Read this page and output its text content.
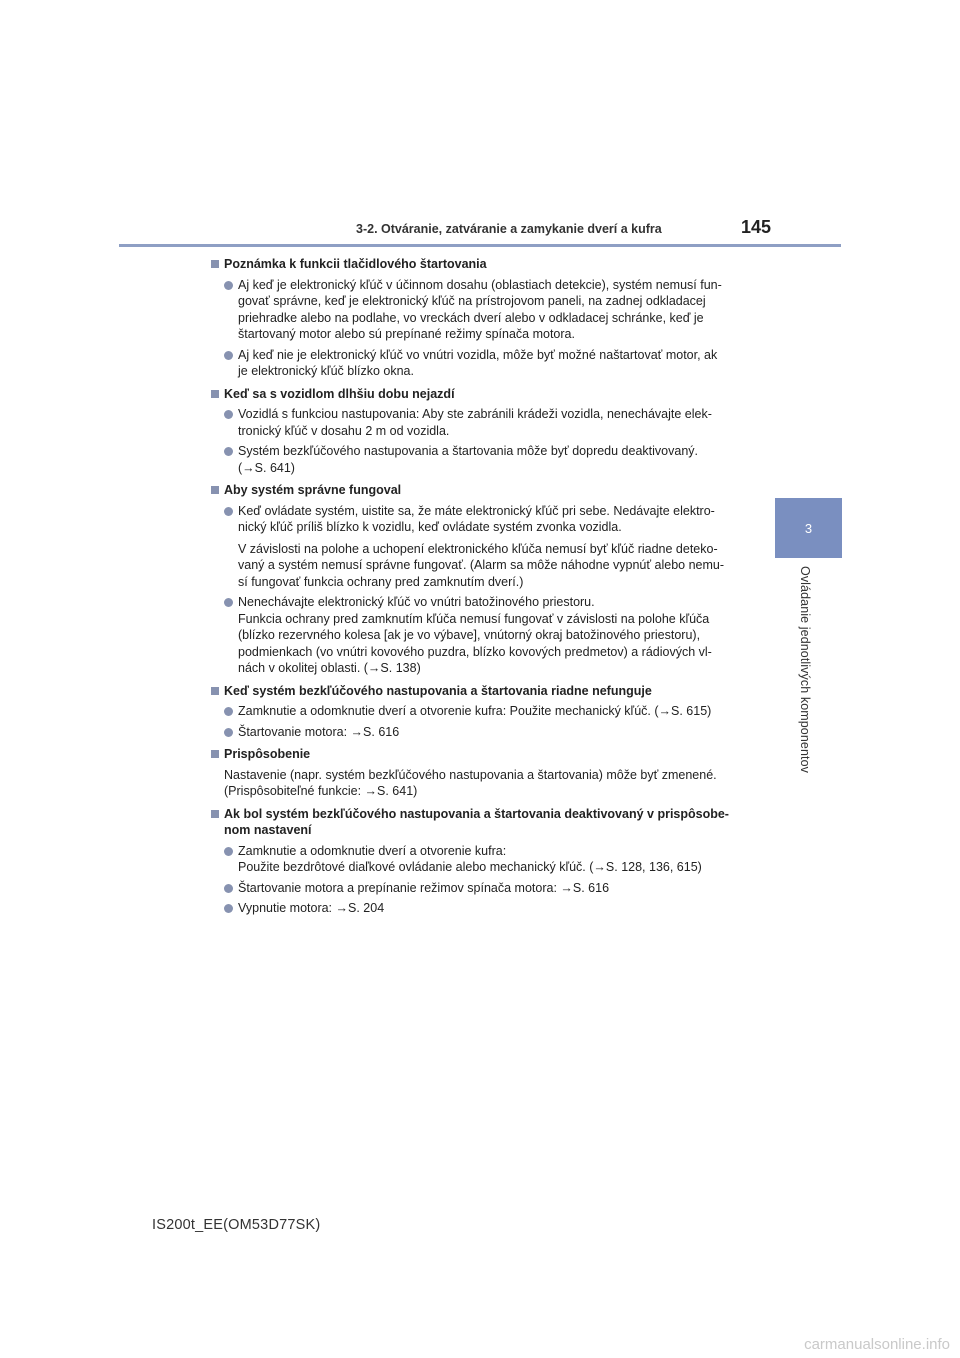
3-2. Otváranie, zatváranie a zamykanie dverí a kufra	145
3
Ovládanie jednotlivých komponentov
Poznámka k funkcii tlačidlového štartovania
Aj keď je elektronický kľúč v účinnom dosahu (oblastiach detekcie), systém nemusí fun-
govať správne, keď je elektronický kľúč na prístrojovom paneli, na zadnej odkladacej
priehradke alebo na podlahe, vo vreckách dverí alebo v odkladacej schránke, keď je
štartovaný motor alebo sú prepínané režimy spínača motora.
Aj keď nie je elektronický kľúč vo vnútri vozidla, môže byť možné naštartovať motor, ak
je elektronický kľúč blízko okna.
Keď sa s vozidlom dlhšiu dobu nejazdí
Vozidlá s funkciou nastupovania: Aby ste zabránili krádeži vozidla, nenechávajte elek-
tronický kľúč v dosahu 2 m od vozidla.
Systém bezkľúčového nastupovania a štartovania môže byť dopredu deaktivovaný.
(→S. 641)
Aby systém správne fungoval
Keď ovládate systém, uistite sa, že máte elektronický kľúč pri sebe. Nedávajte elektro-
nický kľúč príliš blízko k vozidlu, keď ovládate systém zvonka vozidla.
V závislosti na polohe a uchopení elektronického kľúča nemusí byť kľúč riadne deteko-
vaný a systém nemusí správne fungovať. (Alarm sa môže náhodne vypnúť alebo nemu-
sí fungovať funkcia ochrany pred zamknutím dverí.)
Nenechávajte elektronický kľúč vo vnútri batožinového priestoru.
Funkcia ochrany pred zamknutím kľúča nemusí fungovať v závislosti na polohe kľúča
(blízko rezervného kolesa [ak je vo výbave], vnútorný okraj batožinového priestoru),
podmienkach (vo vnútri kovového puzdra, blízko kovových predmetov) a rádiových vl-
nách v okolitej oblasti. (→S. 138)
Keď systém bezkľúčového nastupovania a štartovania riadne nefunguje
Zamknutie a odomknutie dverí a otvorenie kufra: Použite mechanický kľúč. (→S. 615)
Štartovanie motora: →S. 616
Prispôsobenie
Nastavenie (napr. systém bezkľúčového nastupovania a štartovania) môže byť zmenené.
(Prispôsobiteľné funkcie: →S. 641)
Ak bol systém bezkľúčového nastupovania a štartovania deaktivovaný v prispôsobe-
nom nastavení
Zamknutie a odomknutie dverí a otvorenie kufra:
Použite bezdrôtové diaľkové ovládanie alebo mechanický kľúč. (→S. 128, 136, 615)
Štartovanie motora a prepínanie režimov spínača motora: →S. 616
Vypnutie motora: →S. 204
IS200t_EE(OM53D77SK)
carmanualsonline.info
